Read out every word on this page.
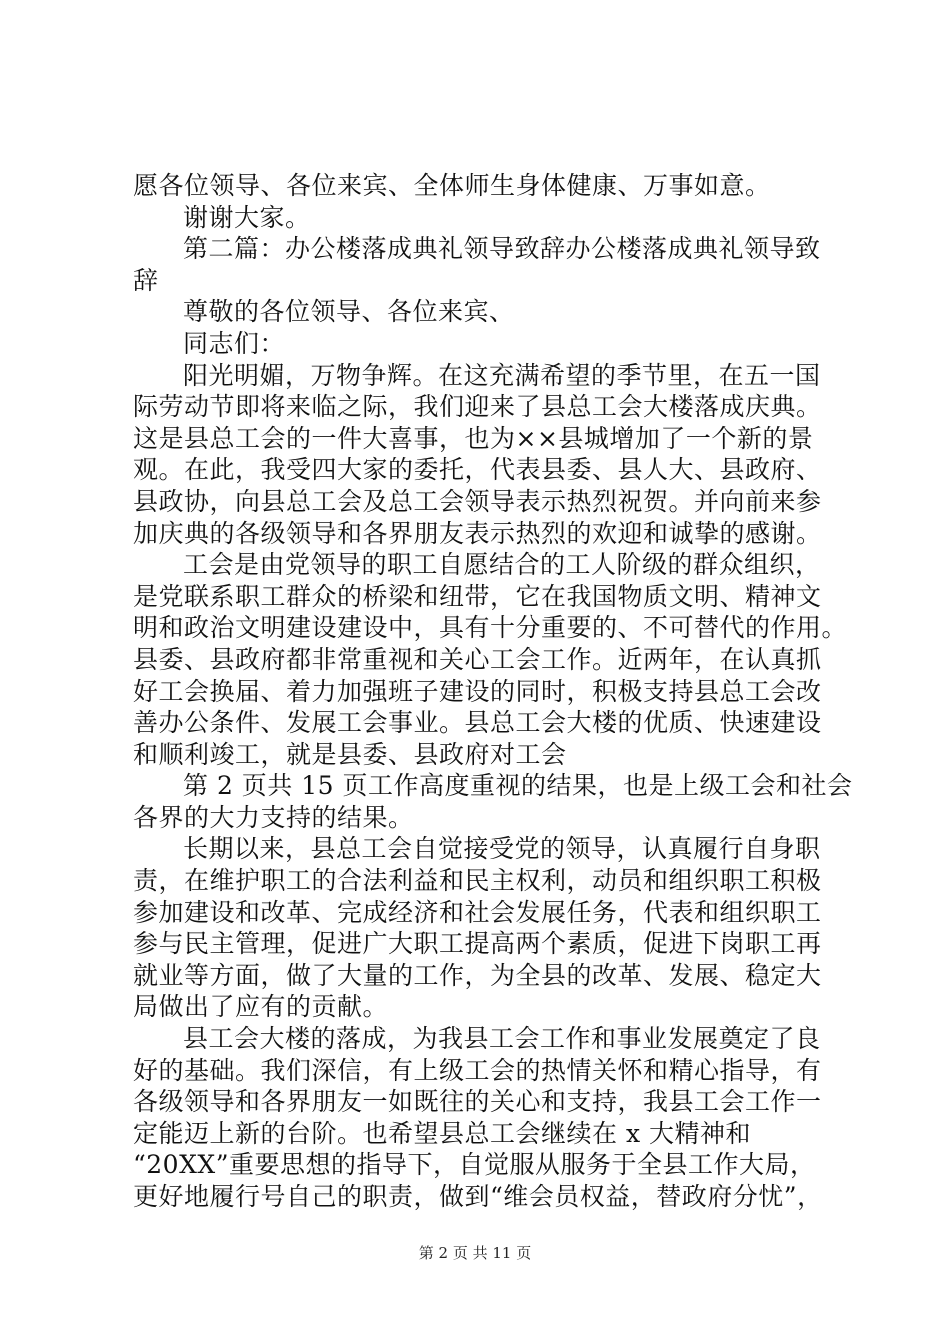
愿各位领导、各位来宾、全体师生身体健康、万事如意。
谢谢大家。
第二篇：办公楼落成典礼领导致辞办公楼落成典礼领导致
辞
尊敬的各位领导、各位来宾、
同志们：
阳光明媚，万物争辉。在这充满希望的季节里，在五一国
际劳动节即将来临之际，我们迎来了县总工会大楼落成庆典。
这是县总工会的一件大喜事，也为××县城增加了一个新的景
观。在此，我受四大家的委托，代表县委、县人大、县政府、
县政协，向县总工会及总工会领导表示热烈祝贺。并向前来参
加庆典的各级领导和各界朋友表示热烈的欢迎和诚挚的感谢。
工会是由党领导的职工自愿结合的工人阶级的群众组织，
是党联系职工群众的桥梁和纽带，它在我国物质文明、精神文
明和政治文明建设建设中，具有十分重要的、不可替代的作用。
县委、县政府都非常重视和关心工会工作。近两年，在认真抓
好工会换届、着力加强班子建设的同时，积极支持县总工会改
善办公条件、发展工会事业。县总工会大楼的优质、快速建设
和顺利竣工，就是县委、县政府对工会
第 2 页共 15 页工作高度重视的结果，也是上级工会和社会
各界的大力支持的结果。
长期以来，县总工会自觉接受党的领导，认真履行自身职
责，在维护职工的合法利益和民主权利，动员和组织职工积极
参加建设和改革、完成经济和社会发展任务，代表和组织职工
参与民主管理，促进广大职工提高两个素质，促进下岗职工再
就业等方面，做了大量的工作，为全县的改革、发展、稳定大
局做出了应有的贡献。
县工会大楼的落成，为我县工会工作和事业发展奠定了良
好的基础。我们深信，有上级工会的热情关怀和精心指导，有
各级领导和各界朋友一如既往的关心和支持，我县工会工作一
定能迈上新的台阶。也希望县总工会继续在 x 大精神和
“20XX”重要思想的指导下，自觉服从服务于全县工作大局，
更好地履行号自己的职责，做到“维会员权益，替政府分忧”，
第 2 页 共 11 页
